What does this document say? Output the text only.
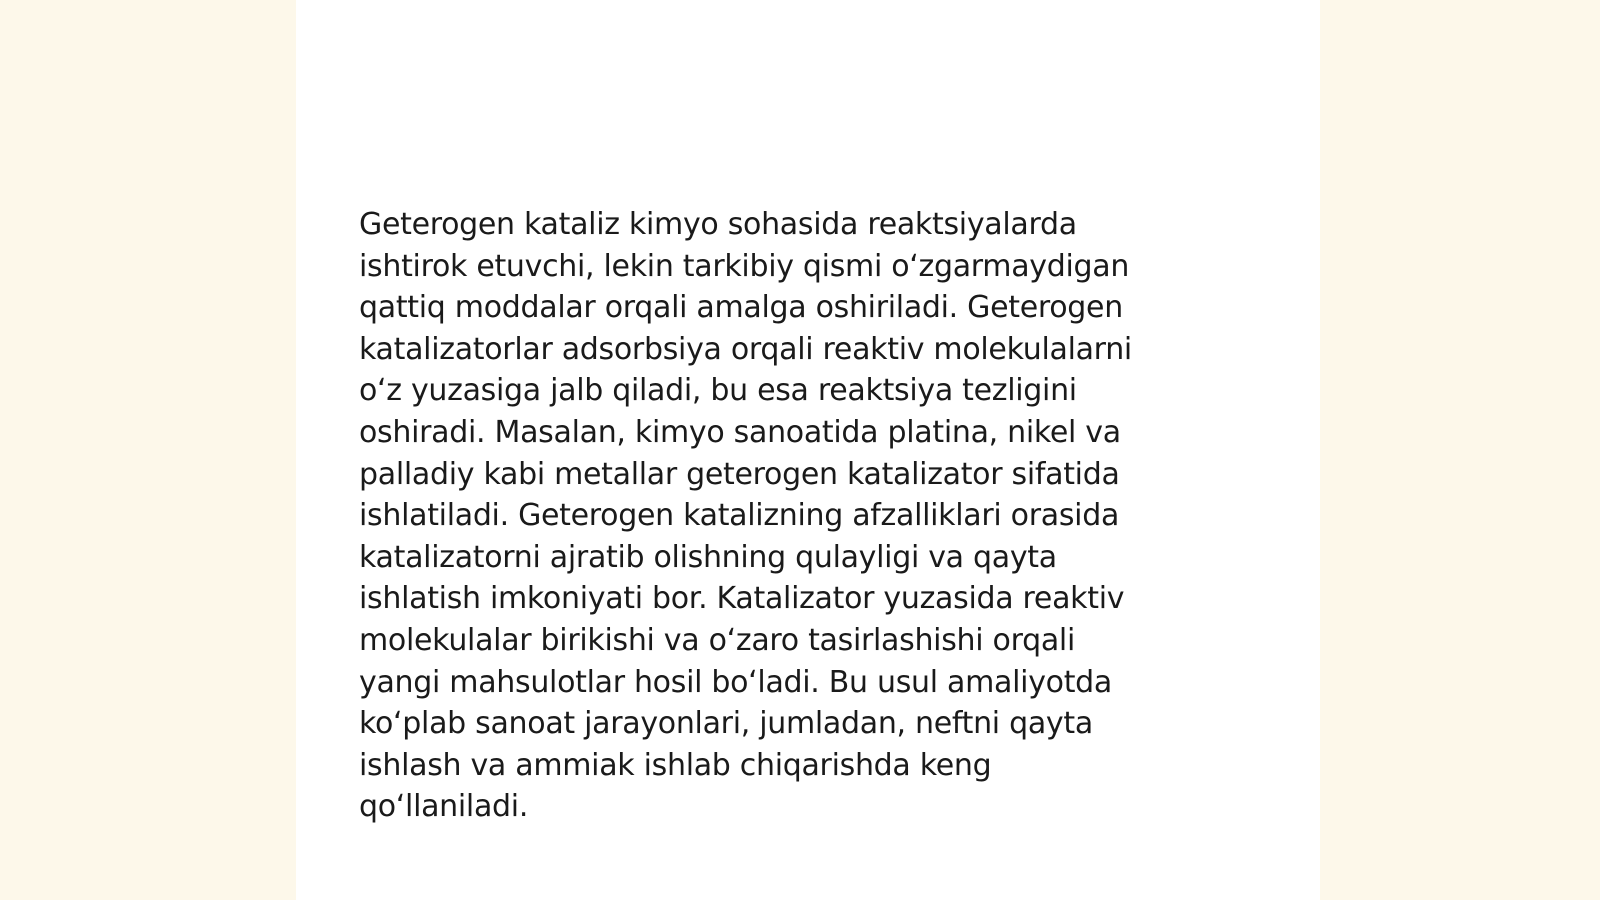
Geterogen kataliz kimyo sohasida reaktsiyalarda
ishtirok etuvchi, lekin tarkibiy qismi o‘zgarmaydigan
qattiq moddalar orqali amalga oshiriladi. Geterogen
katalizatorlar adsorbsiya orqali reaktiv molekulalarni
o‘z yuzasiga jalb qiladi, bu esa reaktsiya tezligini
oshiradi. Masalan, kimyo sanoatida platina, nikel va
palladiy kabi metallar geterogen katalizator sifatida
ishlatiladi. Geterogen katalizning afzalliklari orasida
katalizatorni ajratib olishning qulayligi va qayta
ishlatish imkoniyati bor. Katalizator yuzasida reaktiv
molekulalar birikishi va o‘zaro tasirlashishi orqali
yangi mahsulotlar hosil bo‘ladi. Bu usul amaliyotda
ko‘plab sanoat jarayonlari, jumladan, neftni qayta
ishlash va ammiak ishlab chiqarishda keng
qo‘llaniladi.
